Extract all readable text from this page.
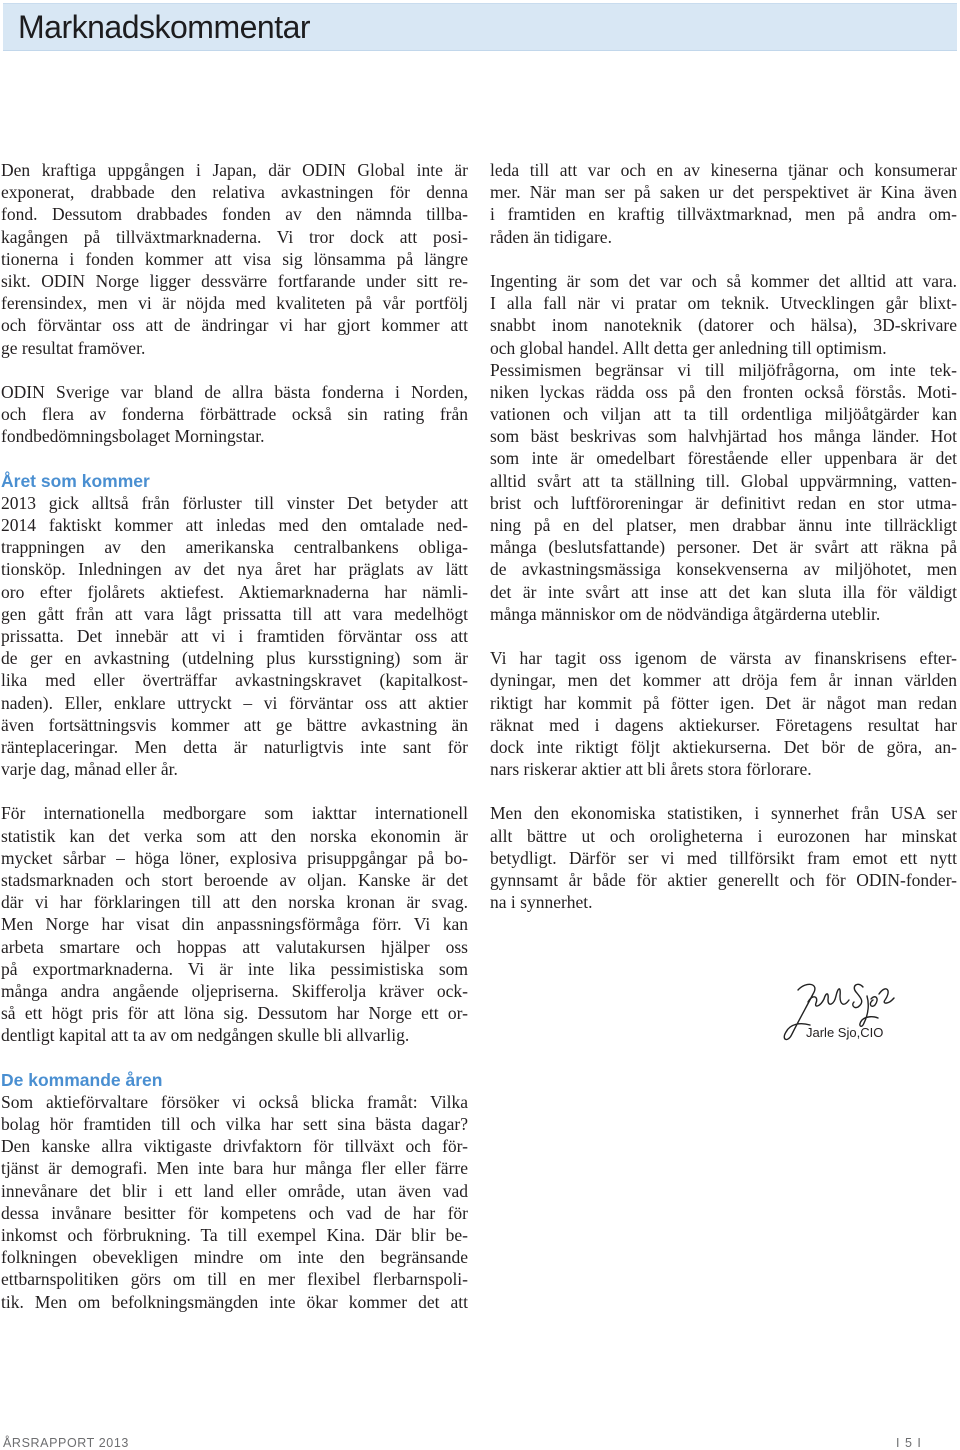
Marknadskommentar
Den kraftiga uppgången i Japan, där ODIN Global inte är
exponerat, drabbade den relativa avkastningen för denna
fond. Dessutom drabbades fonden av den nämnda tillba-
kagången på tillväxtmarknaderna. Vi tror dock att posi-
tionerna i fonden kommer att visa sig lönsamma på längre
sikt. ODIN Norge ligger dessvärre fortfarande under sitt re-
ferensindex, men vi är nöjda med kvaliteten på vår portfölj
och förväntar oss att de ändringar vi har gjort kommer att
ge resultat framöver.
ODIN Sverige var bland de allra bästa fonderna i Norden,
och flera av fonderna förbättrade också sin rating från
fondbedömningsbolaget Morningstar.
Året som kommer
2013 gick alltså från förluster till vinster Det betyder att
2014 faktiskt kommer att inledas med den omtalade ned-
trappningen av den amerikanska centralbankens obliga-
tionsköp. Inledningen av det nya året har präglats av lätt
oro efter fjolårets aktiefest. Aktiemarknaderna har nämli-
gen gått från att vara lågt prissatta till att vara medelhögt
prissatta. Det innebär att vi i framtiden förväntar oss att
de ger en avkastning (utdelning plus kursstigning) som är
lika med eller överträffar avkastningskravet (kapitalkost-
naden). Eller, enklare uttryckt – vi förväntar oss att aktier
även fortsättningsvis kommer att ge bättre avkastning än
ränteplaceringar. Men detta är naturligtvis inte sant för
varje dag, månad eller år.
För internationella medborgare som iakttar internationell
statistik kan det verka som att den norska ekonomin är
mycket sårbar – höga löner, explosiva prisuppgångar på bo-
stadsmarknaden och stort beroende av oljan. Kanske är det
där vi har förklaringen till att den norska kronan är svag.
Men Norge har visat din anpassningsförmåga förr. Vi kan
arbeta smartare och hoppas att valutakursen hjälper oss
på exportmarknaderna. Vi är inte lika pessimistiska som
många andra angående oljepriserna. Skifferolja kräver ock-
så ett högt pris för att löna sig. Dessutom har Norge ett or-
dentligt kapital att ta av om nedgången skulle bli allvarlig.
De kommande åren
Som aktieförvaltare försöker vi också blicka framåt: Vilka
bolag hör framtiden till och vilka har sett sina bästa dagar?
Den kanske allra viktigaste drivfaktorn för tillväxt och för-
tjänst är demografi. Men inte bara hur många fler eller färre
innevånare det blir i ett land eller område, utan även vad
dessa invånare besitter för kompetens och vad de har för
inkomst och förbrukning. Ta till exempel Kina. Där blir be-
folkningen obevekligen mindre om inte den begränsande
ettbarnspolitiken görs om till en mer flexibel flerbarnspoli-
tik. Men om befolkningsmängden inte ökar kommer det att
leda till att var och en av kineserna tjänar och konsumerar
mer. När man ser på saken ur det perspektivet är Kina även
i framtiden en kraftig tillväxtmarknad, men på andra om-
råden än tidigare.
Ingenting är som det var och så kommer det alltid att vara.
I alla fall när vi pratar om teknik. Utvecklingen går blixt-
snabbt inom nanoteknik (datorer och hälsa), 3D-skrivare
och global handel. Allt detta ger anledning till optimism.
Pessimismen begränsar vi till miljöfrågorna, om inte tek-
niken lyckas rädda oss på den fronten också förstås. Moti-
vationen och viljan att ta till ordentliga miljöåtgärder kan
som bäst beskrivas som halvhjärtad hos många länder. Hot
som inte är omedelbart förestående eller uppenbara är det
alltid svårt att ta ställning till. Global uppvärmning, vatten-
brist och luftföroreningar är definitivt redan en stor utma-
ning på en del platser, men drabbar ännu inte tillräckligt
många (beslutsfattande) personer. Det är svårt att räkna på
de avkastningsmässiga konsekvenserna av miljöhotet, men
det är inte svårt att inse att det kan sluta illa för väldigt
många människor om de nödvändiga åtgärderna uteblir.
Vi har tagit oss igenom de värsta av finanskrisens efter-
dyningar, men det kommer att dröja fem år innan världen
riktigt har kommit på fötter igen. Det är något man redan
räknat med i dagens aktiekurser. Företagens resultat har
dock inte riktigt följt aktiekurserna. Det bör de göra, an-
nars riskerar aktier att bli årets stora förlorare.
Men den ekonomiska statistiken, i synnerhet från USA ser
allt bättre ut och oroligheterna i eurozonen har minskat
betydligt. Därför ser vi med tillförsikt fram emot ett nytt
gynnsamt år både för aktier generellt och för ODIN-fonder-
na i synnerhet.
Jarle Sjo,CIO
ÅRSRAPPORT 2013	I 5 I
